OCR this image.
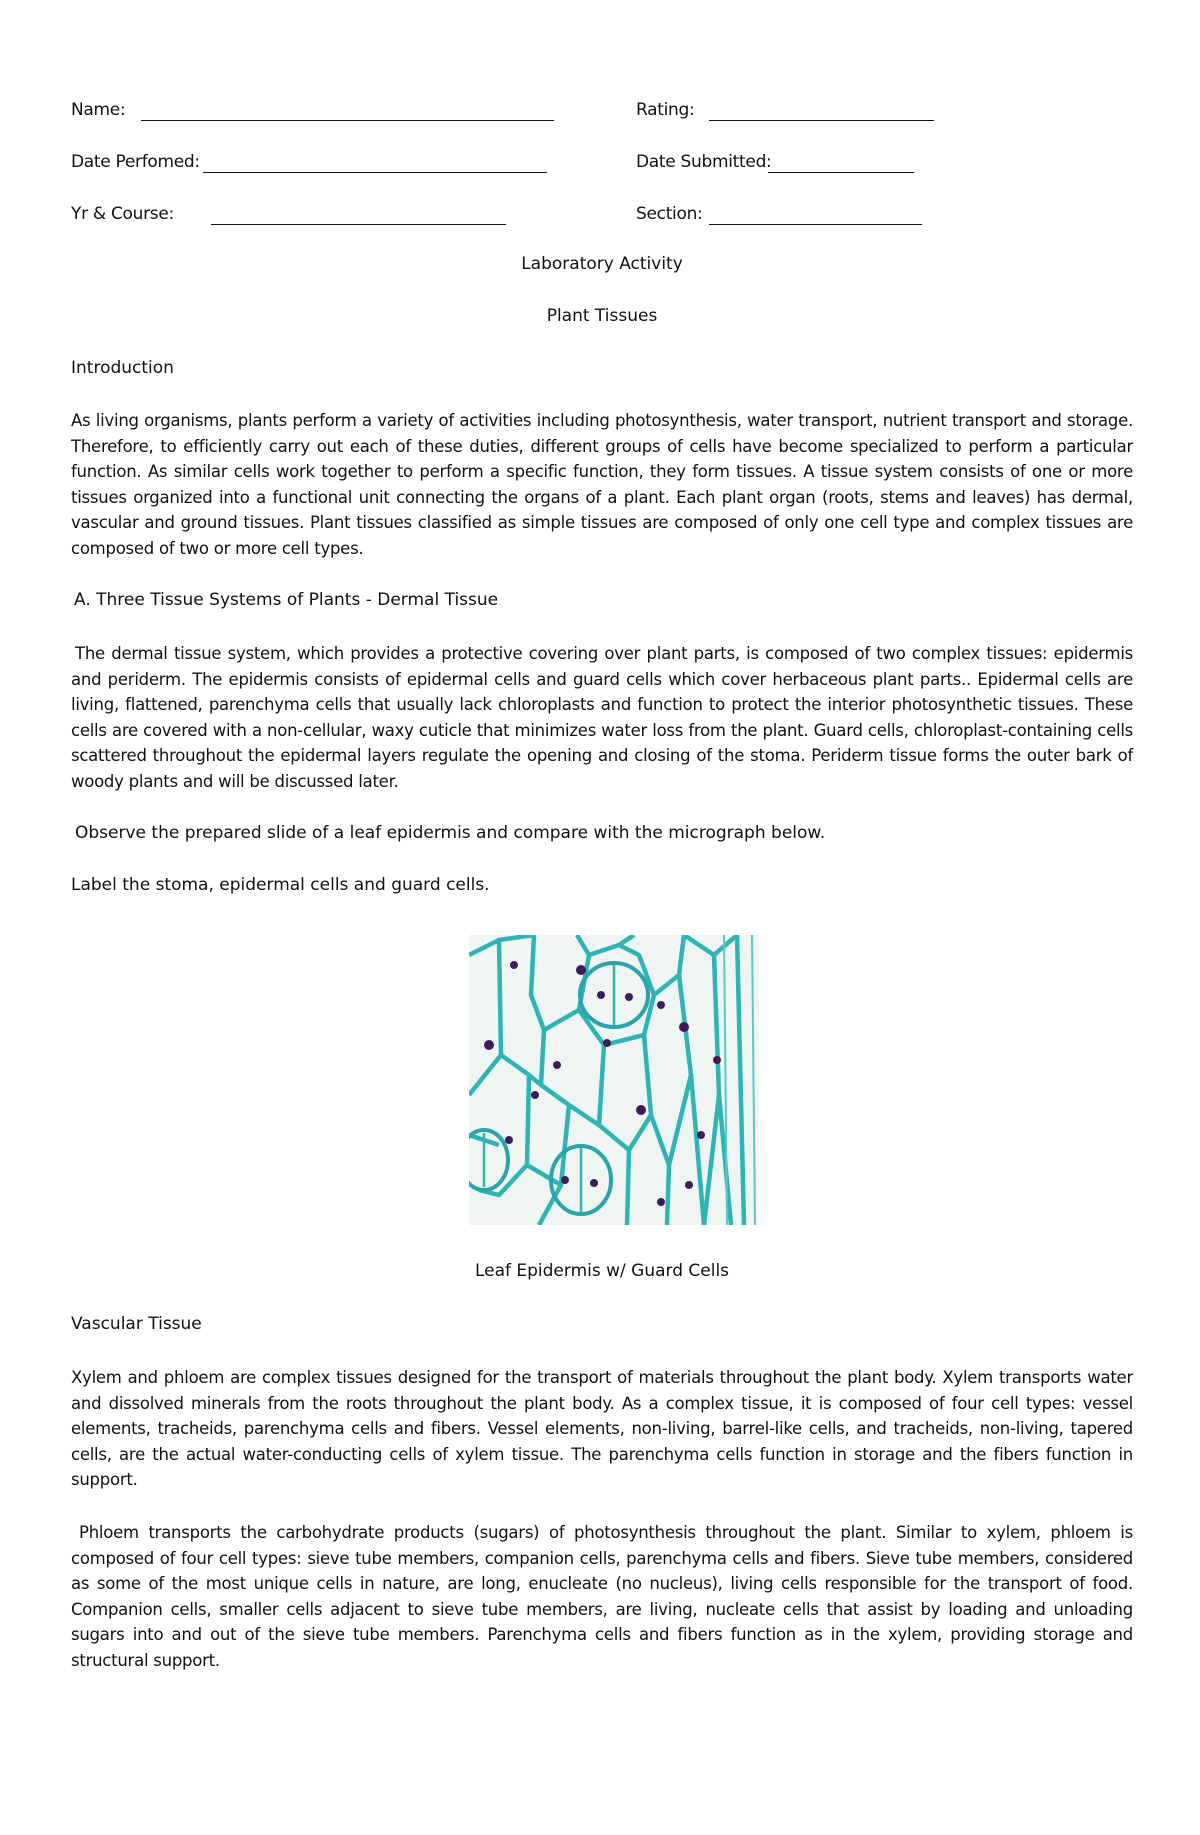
Name:	Rating:
Date Perfomed:	Date Submitted:
Yr & Course:	Section:
Laboratory Activity
Plant Tissues
Introduction

As living organisms, plants perform a variety of activities including photosynthesis, water transport, nutrient transport and storage. Therefore, to efficiently carry out each of these duties, different groups of cells have become specialized to perform a particular function. As similar cells work together to perform a specific function, they form tissues. A tissue system consists of one or more tissues organized into a functional unit connecting the organs of a plant. Each plant organ (roots, stems and leaves) has dermal, vascular and ground tissues. Plant tissues classified as simple tissues are composed of only one cell type and complex tissues are composed of two or more cell types.

A. Three Tissue Systems of Plants - Dermal Tissue

The dermal tissue system, which provides a protective covering over plant parts, is composed of two complex tissues: epidermis and periderm. The epidermis consists of epidermal cells and guard cells which cover herbaceous plant parts.. Epidermal cells are living, flattened, parenchyma cells that usually lack chloroplasts and function to protect the interior photosynthetic tissues. These cells are covered with a non-cellular, waxy cuticle that minimizes water loss from the plant. Guard cells, chloroplast-containing cells scattered throughout the epidermal layers regulate the opening and closing of the stoma. Periderm tissue forms the outer bark of woody plants and will be discussed later.

Observe the prepared slide of a leaf epidermis and compare with the micrograph below.
Label the stoma, epidermal cells and guard cells.
Leaf Epidermis w/ Guard Cells
Vascular Tissue

Xylem and phloem are complex tissues designed for the transport of materials throughout the plant body. Xylem transports water and dissolved minerals from the roots throughout the plant body. As a complex tissue, it is composed of four cell types: vessel elements, tracheids, parenchyma cells and fibers. Vessel elements, non-living, barrel-like cells, and tracheids, non-living, tapered cells, are the actual water-conducting cells of xylem tissue. The parenchyma cells function in storage and the fibers function in support.

Phloem transports the carbohydrate products (sugars) of photosynthesis throughout the plant. Similar to xylem, phloem is composed of four cell types: sieve tube members, companion cells, parenchyma cells and fibers. Sieve tube members, considered as some of the most unique cells in nature, are long, enucleate (no nucleus), living cells responsible for the transport of food. Companion cells, smaller cells adjacent to sieve tube members, are living, nucleate cells that assist by loading and unloading sugars into and out of the sieve tube members. Parenchyma cells and fibers function as in the xylem, providing storage and structural support.
